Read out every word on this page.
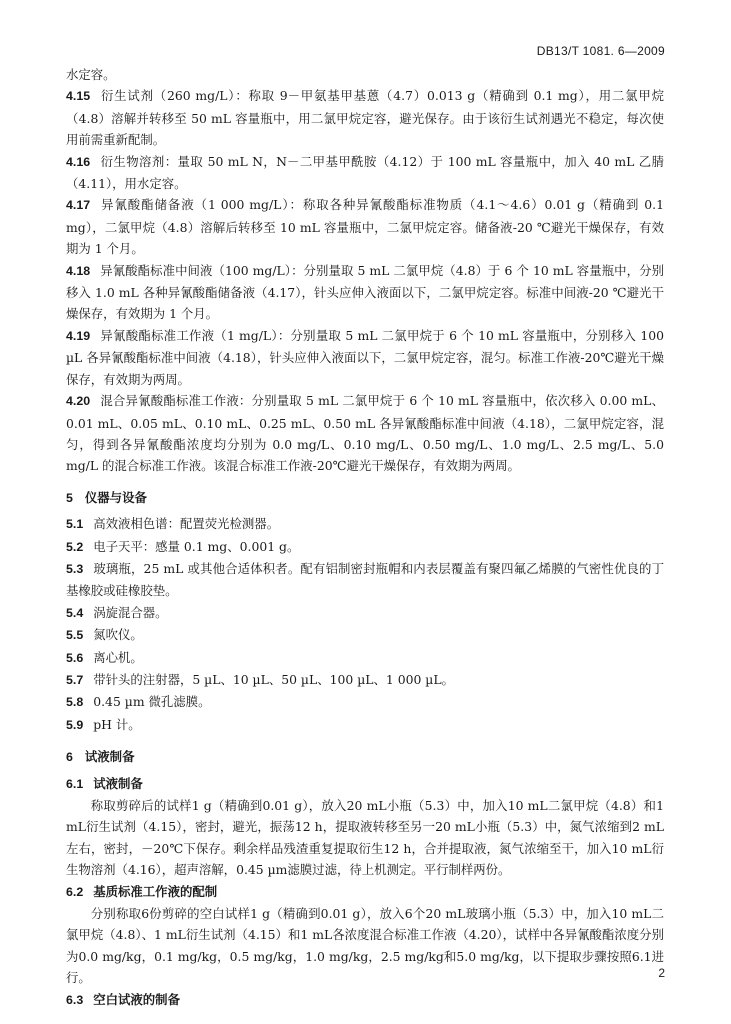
DB13/T 1081. 6—2009

水定容。

4.15 衍生试剂（260 mg/L）：称取 9－甲氨基甲基蒽（4.7）0.013 g（精确到 0.1 mg），用二氯甲烷（4.8）溶解并转移至 50 mL 容量瓶中，用二氯甲烷定容，避光保存。由于该衍生试剂遇光不稳定，每次使用前需重新配制。

4.16 衍生物溶剂：量取 50 mL N，N－二甲基甲酰胺（4.12）于 100 mL 容量瓶中，加入 40 mL 乙腈（4.11），用水定容。

4.17 异氰酸酯储备液（1 000 mg/L）：称取各种异氰酸酯标准物质（4.1～4.6）0.01 g（精确到 0.1 mg），二氯甲烷（4.8）溶解后转移至 10 mL 容量瓶中，二氯甲烷定容。储备液-20 ℃避光干燥保存，有效期为 1 个月。

4.18 异氰酸酯标准中间液（100 mg/L）：分别量取 5 mL 二氯甲烷（4.8）于 6 个 10 mL 容量瓶中，分别移入 1.0 mL 各种异氰酸酯储备液（4.17），针头应伸入液面以下，二氯甲烷定容。标准中间液-20 ℃避光干燥保存，有效期为 1 个月。

4.19 异氰酸酯标准工作液（1 mg/L）：分别量取 5 mL 二氯甲烷于 6 个 10 mL 容量瓶中，分别移入 100 µL 各异氰酸酯标准中间液（4.18），针头应伸入液面以下，二氯甲烷定容，混匀。标准工作液-20℃避光干燥保存，有效期为两周。

4.20 混合异氰酸酯标准工作液：分别量取 5 mL 二氯甲烷于 6 个 10 mL 容量瓶中，依次移入 0.00 mL、0.01 mL、0.05 mL、0.10 mL、0.25 mL、0.50 mL 各异氰酸酯标准中间液（4.18），二氯甲烷定容，混匀，得到各异氰酸酯浓度均分别为 0.0 mg/L、0.10 mg/L、0.50 mg/L、1.0 mg/L、2.5 mg/L、5.0 mg/L 的混合标准工作液。该混合标准工作液-20℃避光干燥保存，有效期为两周。

5 仪器与设备

5.1 高效液相色谱：配置荧光检测器。

5.2 电子天平：感量 0.1 mg、0.001 g。

5.3 玻璃瓶，25 mL 或其他合适体积者。配有铝制密封瓶帽和内表层覆盖有聚四氟乙烯膜的气密性优良的丁基橡胶或硅橡胶垫。

5.4 涡旋混合器。

5.5 氮吹仪。

5.6 离心机。

5.7 带针头的注射器，5 µL、10 µL、50 µL、100 µL、1 000 µL。

5.8 0.45 µm 微孔滤膜。

5.9 pH 计。

6 试液制备

6.1 试液制备

称取剪碎后的试样1 g（精确到0.01 g），放入20 mL小瓶（5.3）中，加入10 mL二氯甲烷（4.8）和1 mL衍生试剂（4.15），密封，避光，振荡12 h，提取液转移至另一20 mL小瓶（5.3）中，氮气浓缩到2 mL左右，密封，－20℃下保存。剩余样品残渣重复提取衍生12 h，合并提取液，氮气浓缩至干，加入10 mL衍生物溶剂（4.16），超声溶解，0.45 µm滤膜过滤，待上机测定。平行制样两份。

6.2 基质标准工作液的配制

分别称取6份剪碎的空白试样1 g（精确到0.01 g），放入6个20 mL玻璃小瓶（5.3）中，加入10 mL二氯甲烷（4.8）、1 mL衍生试剂（4.15）和1 mL各浓度混合标准工作液（4.20），试样中各异氰酸酯浓度分别为0.0 mg/kg，0.1 mg/kg，0.5 mg/kg，1.0 mg/kg，2.5 mg/kg和5.0 mg/kg，以下提取步骤按照6.1进行。

6.3 空白试液的制备

2
